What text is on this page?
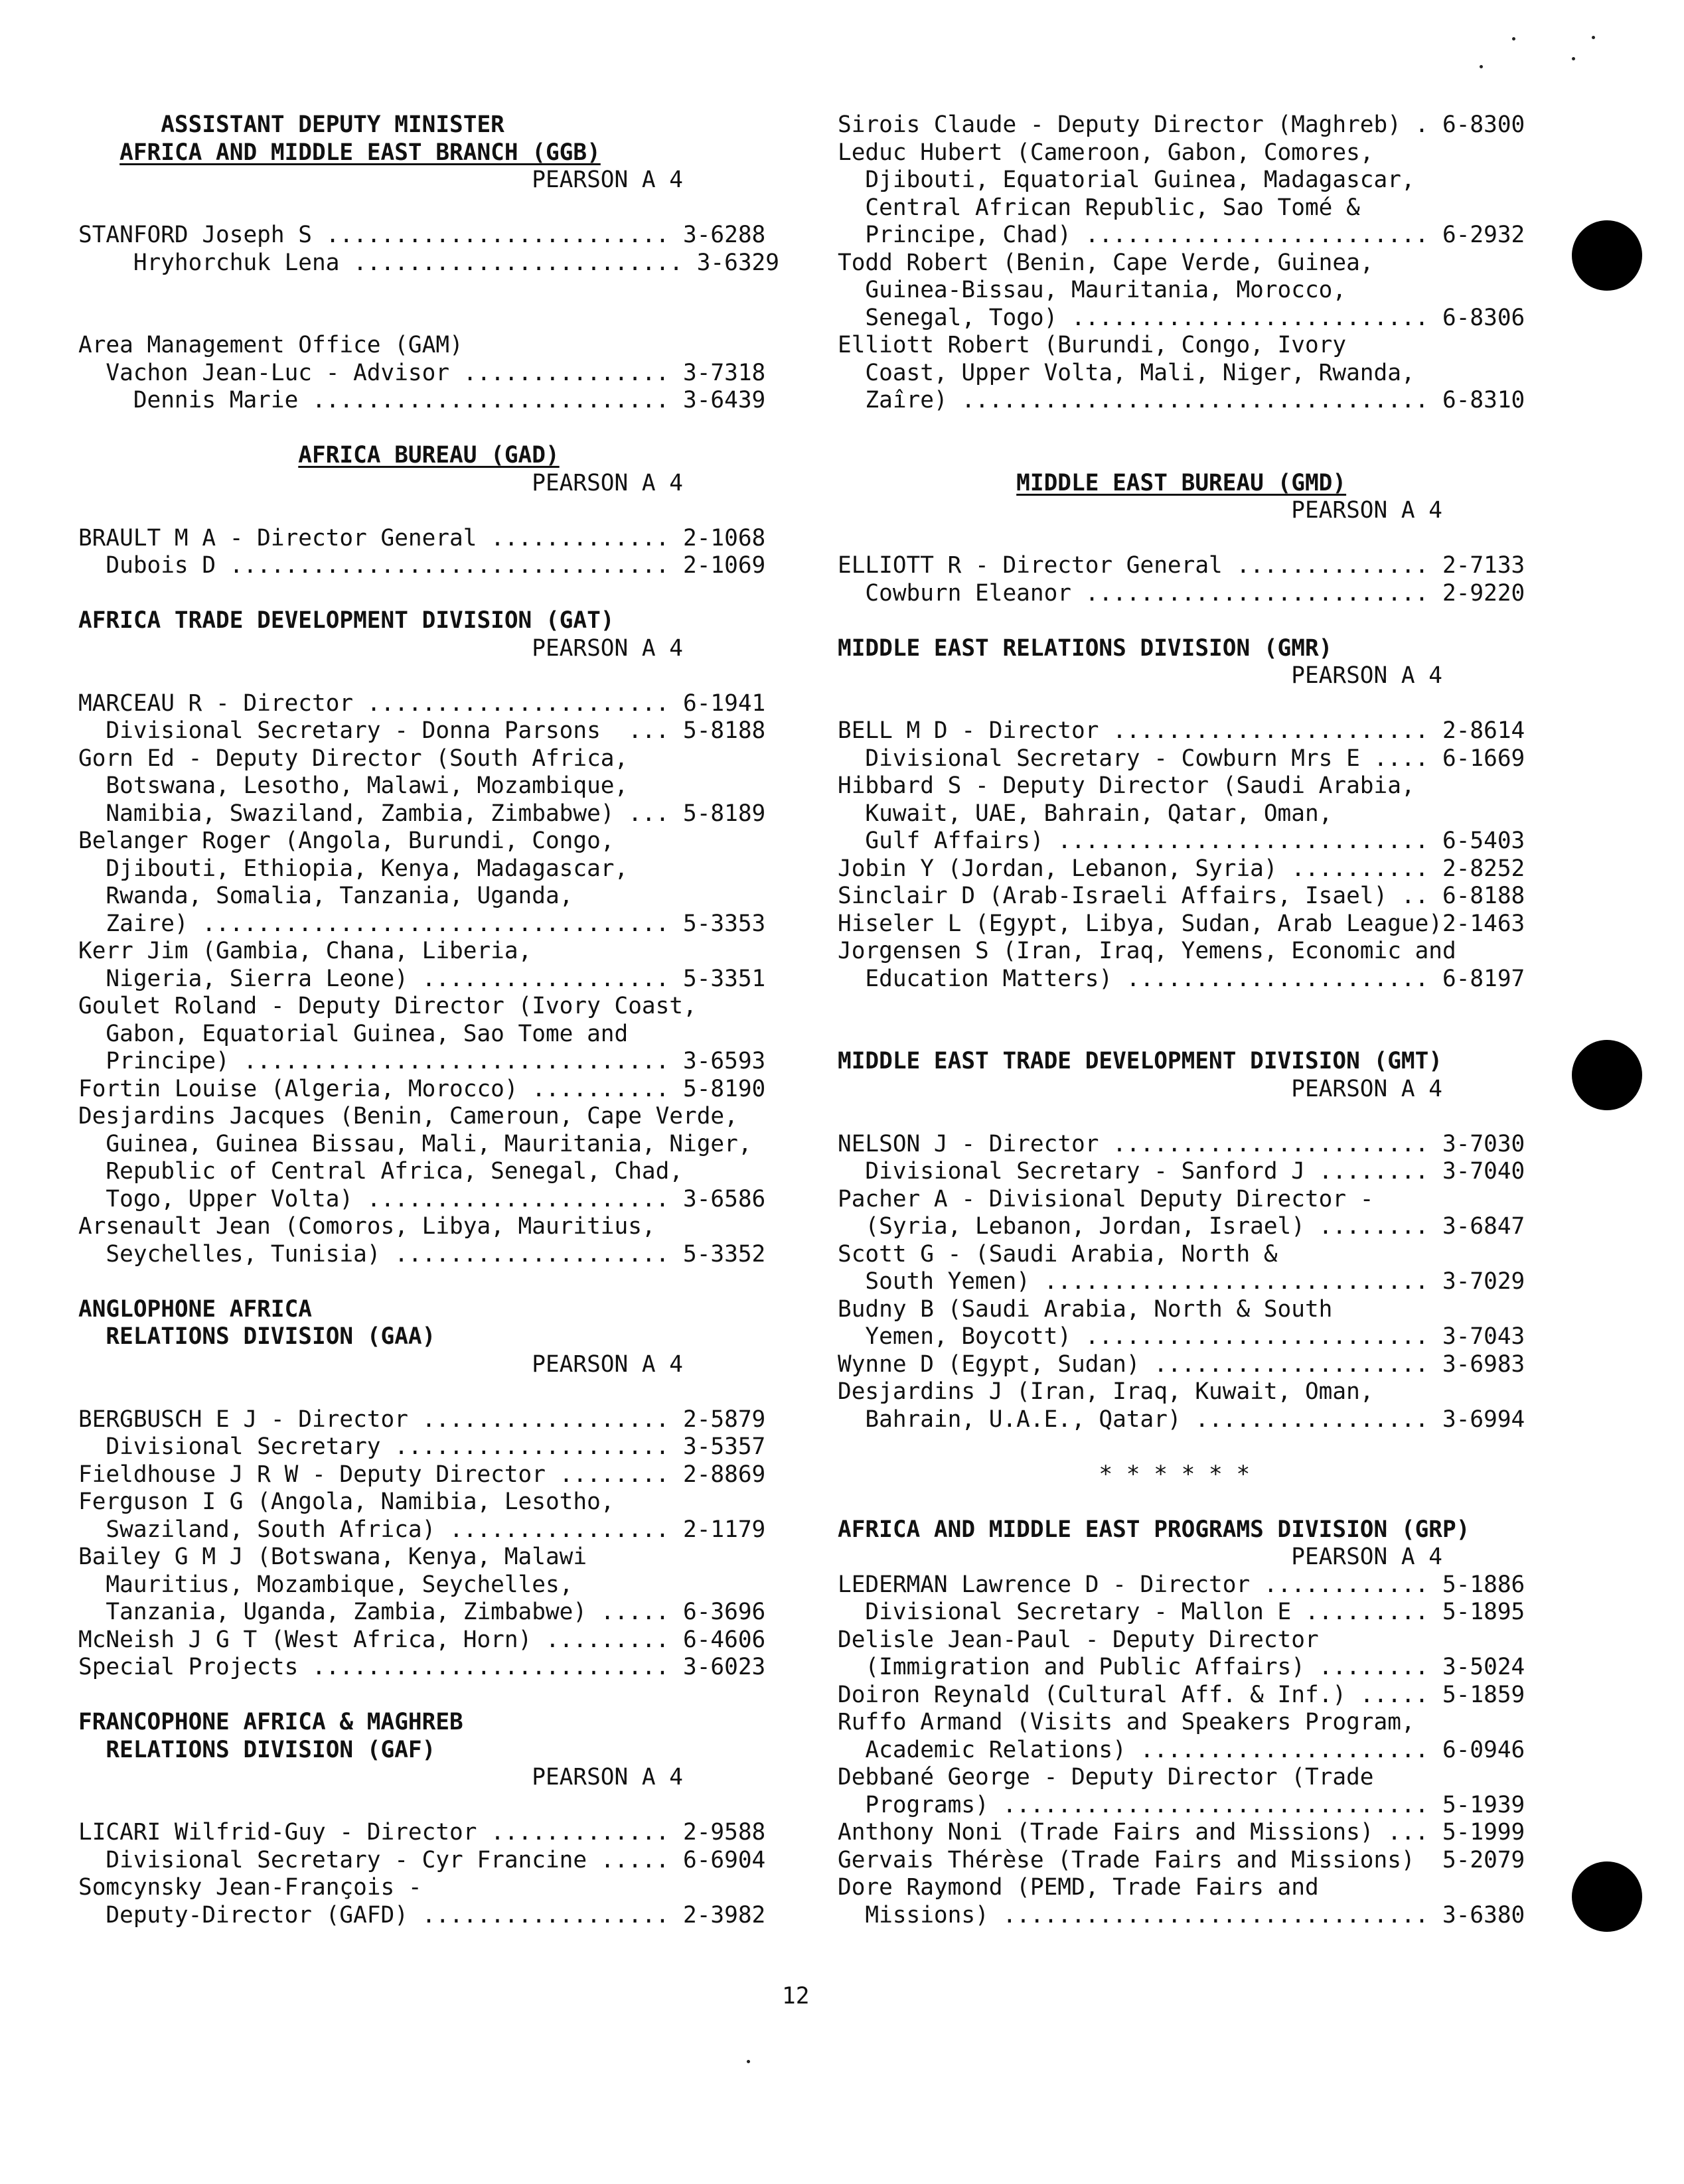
ASSISTANT DEPUTY MINISTER
AFRICA AND MIDDLE EAST BRANCH (GGB)
PEARSON A 4
STANFORD Joseph S ......................... 3-6288
Hryhorchuk Lena ........................ 3-6329
Area Management Office (GAM)
Vachon Jean-Luc - Advisor ............... 3-7318
Dennis Marie .......................... 3-6439
AFRICA BUREAU (GAD)
PEARSON A 4
BRAULT M A - Director General ............. 2-1068
Dubois D ................................ 2-1069
AFRICA TRADE DEVELOPMENT DIVISION (GAT)
PEARSON A 4
MARCEAU R - Director ...................... 6-1941
Divisional Secretary - Donna Parsons  ... 5-8188
Gorn Ed - Deputy Director (South Africa,
Botswana, Lesotho, Malawi, Mozambique,
Namibia, Swaziland, Zambia, Zimbabwe) ... 5-8189
Belanger Roger (Angola, Burundi, Congo,
Djibouti, Ethiopia, Kenya, Madagascar,
Rwanda, Somalia, Tanzania, Uganda,
Zaire) .................................. 5-3353
Kerr Jim (Gambia, Chana, Liberia,
Nigeria, Sierra Leone) .................. 5-3351
Goulet Roland - Deputy Director (Ivory Coast,
Gabon, Equatorial Guinea, Sao Tome and
Principe) ............................... 3-6593
Fortin Louise (Algeria, Morocco) .......... 5-8190
Desjardins Jacques (Benin, Cameroun, Cape Verde,
Guinea, Guinea Bissau, Mali, Mauritania, Niger,
Republic of Central Africa, Senegal, Chad,
Togo, Upper Volta) ...................... 3-6586
Arsenault Jean (Comoros, Libya, Mauritius,
Seychelles, Tunisia) .................... 5-3352
ANGLOPHONE AFRICA
RELATIONS DIVISION (GAA)
PEARSON A 4
BERGBUSCH E J - Director .................. 2-5879
Divisional Secretary .................... 3-5357
Fieldhouse J R W - Deputy Director ........ 2-8869
Ferguson I G (Angola, Namibia, Lesotho,
Swaziland, South Africa) ................ 2-1179
Bailey G M J (Botswana, Kenya, Malawi
Mauritius, Mozambique, Seychelles,
Tanzania, Uganda, Zambia, Zimbabwe) ..... 6-3696
McNeish J G T (West Africa, Horn) ......... 6-4606
Special Projects .......................... 3-6023
FRANCOPHONE AFRICA & MAGHREB
RELATIONS DIVISION (GAF)
PEARSON A 4
LICARI Wilfrid-Guy - Director ............. 2-9588
Divisional Secretary - Cyr Francine ..... 6-6904
Somcynsky Jean-François -
Deputy-Director (GAFD) .................. 2-3982
Sirois Claude - Deputy Director (Maghreb) . 6-8300
Leduc Hubert (Cameroon, Gabon, Comores,
Djibouti, Equatorial Guinea, Madagascar,
Central African Republic, Sao Tomé &
Principe, Chad) ......................... 6-2932
Todd Robert (Benin, Cape Verde, Guinea,
Guinea-Bissau, Mauritania, Morocco,
Senegal, Togo) .......................... 6-8306
Elliott Robert (Burundi, Congo, Ivory
Coast, Upper Volta, Mali, Niger, Rwanda,
Zaîre) .................................. 6-8310
MIDDLE EAST BUREAU (GMD)
PEARSON A 4
ELLIOTT R - Director General .............. 2-7133
Cowburn Eleanor ......................... 2-9220
MIDDLE EAST RELATIONS DIVISION (GMR)
PEARSON A 4
BELL M D - Director ....................... 2-8614
Divisional Secretary - Cowburn Mrs E .... 6-1669
Hibbard S - Deputy Director (Saudi Arabia,
Kuwait, UAE, Bahrain, Qatar, Oman,
Gulf Affairs) ........................... 6-5403
Jobin Y (Jordan, Lebanon, Syria) .......... 2-8252
Sinclair D (Arab-Israeli Affairs, Isael) .. 6-8188
Hiseler L (Egypt, Libya, Sudan, Arab League)2-1463
Jorgensen S (Iran, Iraq, Yemens, Economic and
Education Matters) ...................... 6-8197
MIDDLE EAST TRADE DEVELOPMENT DIVISION (GMT)
PEARSON A 4
NELSON J - Director ....................... 3-7030
Divisional Secretary - Sanford J ........ 3-7040
Pacher A - Divisional Deputy Director -
(Syria, Lebanon, Jordan, Israel) ........ 3-6847
Scott G - (Saudi Arabia, North &
South Yemen) ............................ 3-7029
Budny B (Saudi Arabia, North & South
Yemen, Boycott) ......................... 3-7043
Wynne D (Egypt, Sudan) .................... 3-6983
Desjardins J (Iran, Iraq, Kuwait, Oman,
Bahrain, U.A.E., Qatar) ................. 3-6994
* * * * * *
AFRICA AND MIDDLE EAST PROGRAMS DIVISION (GRP)
PEARSON A 4
LEDERMAN Lawrence D - Director ............ 5-1886
Divisional Secretary - Mallon E ......... 5-1895
Delisle Jean-Paul - Deputy Director
(Immigration and Public Affairs) ........ 3-5024
Doiron Reynald (Cultural Aff. & Inf.) ..... 5-1859
Ruffo Armand (Visits and Speakers Program,
Academic Relations) ..................... 6-0946
Debbané George - Deputy Director (Trade
Programs) ............................... 5-1939
Anthony Noni (Trade Fairs and Missions) ... 5-1999
Gervais Thérèse (Trade Fairs and Missions)  5-2079
Dore Raymond (PEMD, Trade Fairs and
Missions) ............................... 3-6380
12
